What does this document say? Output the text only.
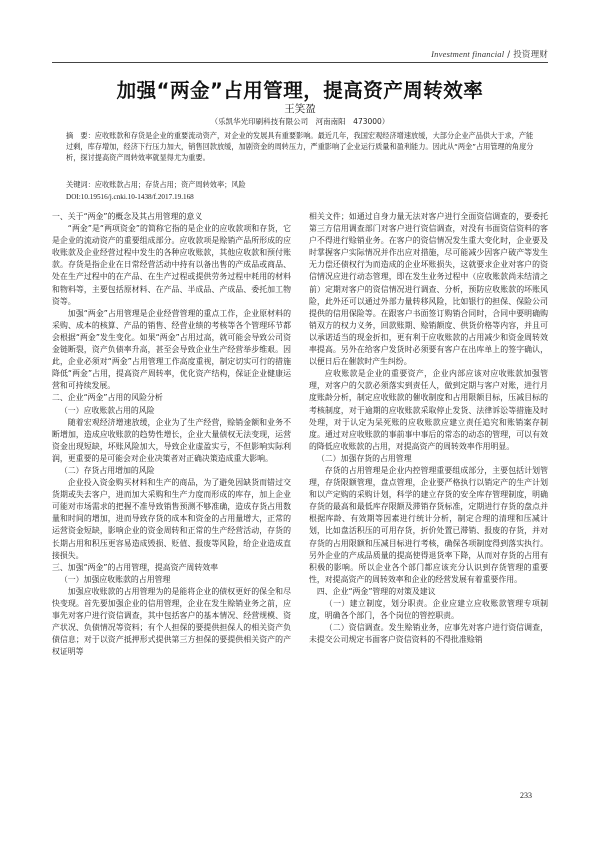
Investment financial / 投资理财
加强“两金”占用管理，提高资产周转效率
王笑盈
（乐凯华光印刷科技有限公司　河南南阳　473000）

摘　要：应收账款和存货是企业的重要流动资产，对企业的发展具有重要影响。最近几年，我国宏观经济增速放缓，大部分企业产品供大于求，产能过剩，库存增加，经济下行压力加大，销售回款放缓，加剧资金的周转压力，严重影响了企业运行质量和盈利能力。因此从“两金”占用管理的角度分析，探讨提高资产周转效率就显得尤为重要。

关键词：应收账款占用；存货占用；资产周转效率；风险
DOI:10.19516/j.cnki.10-1438/f.2017.19.168

一、关于“两金”的概念及其占用管理的意义

“两金”是“两项资金”的简称它指的是企业的应收款项和存货，它是企业的流动资产的重要组成部分。应收款项是赊销产品所形成的应收账款及企业经营过程中发生的各种应收账款，其他应收款和预付账款。存货是指企业在日常经营活动中持有以备出售的产成品或商品、处在生产过程中的在产品、在生产过程或提供劳务过程中耗用的材料和物料等，主要包括原材料、在产品、半成品、产成品、委托加工物资等。

加强“两金”占用管理是企业经营管理的重点工作，企业原材料的采购、成本的核算、产品的销售、经营业绩的考核等各个管理环节都会根据“两金”发生变化。如果“两金”占用过高，就可能会导致公司资金链断裂，资产负债率升高，甚至会导致企业生产经营举步维艰。因此，企业必须对“两金”占用管理工作高度重视，制定切实可行的措施降低“两金”占用，提高资产周转率，优化资产结构，保证企业健康运营和可持续发展。

二、企业“两金”占用的风险分析

（一）应收账款占用的风险

随着宏观经济增速放缓，企业为了生产经营，赊销金额和业务不断增加，造成应收账款的趋势性增长，企业大量债权无法变现，运营资金出现短缺，坏账风险加大，导致企业虚盈实亏，不但影响实际利润，更重要的是可能会对企业决策者对正确决策造成重大影响。

（二）存货占用增加的风险

企业投入资金购买材料和生产的商品，为了避免因缺货而错过交货期或失去客户，进而加大采购和生产力度而形成的库存，加上企业可能对市场需求的把握不准导致销售预测不够准确，造成存货占用数量和时间的增加，进而导致存货的成本和资金的占用量增大，正常的运营资金短缺，影响企业的资金周转和正常的生产经营活动，存货的长期占用和积压更容易造成毁损、贬值、报废等风险，给企业造成直接损失。

三、加强“两金”的占用管理，提高资产周转效率

（一）加强应收账款的占用管理

加强应收账款的占用管理为的是能将企业的债权更好的保全和尽快变现。首先要加强企业的信用管理，企业在发生赊销业务之前，应事先对客户进行资信调查，其中包括客户的基本情况、经营规模、资产状况、负债情况等资料；有个人担保的要提供担保人的相关资产负债信息；对于以资产抵押形式提供第三方担保的要提供相关资产的产权证明等

相关文件；如通过自身力量无法对客户进行全面资信调查的，要委托第三方信用调查部门对客户进行资信调查，对没有书面资信资料的客户不得进行赊销业务。在客户的资信情况发生重大变化时，企业要及时掌握客户实际情况并作出应对措施，尽可能减少因客户破产等发生无力偿还债权行为而造成的企业坏账损失，这就要求企业对客户的资信情况应进行动态管理，即在发生业务过程中（应收账款尚未结清之前）定期对客户的资信情况进行调查、分析，预防应收账款的坏账风险，此外还可以通过外部力量转移风险，比如银行的担保、保险公司提供的信用保险等。在跟客户书面签订购销合同时，合同中要明确购销双方的权力义务，回款账期、赊销额度、供货价格等内容，并且可以承诺适当的现金折扣，更有利于应收账款的占用减少和资金周转效率提高。另外在给客户发货时必须要有客户在出库单上的签字确认，以便日后在催款时产生纠纷。

应收账款是企业的重要资产，企业内部应该对应收账款加强管理，对客户的欠款必须落实到责任人，做到定期与客户对账，进行月度账龄分析，制定应收账款的催收制度和占用限额目标，压减目标的考核制度，对于逾期的应收账款采取停止发货、法律诉讼等措施及时处理，对于认定为呆死账的应收账款应建立责任追究和账销案存制度。通过对应收账款的事前事中事后的常态的动态的管理，可以有效的降低应收账款的占用，对提高资产的周转效率作用明显。

（二）加强存货的占用管理

存货的占用管理是企业内控管理重要组成部分，主要包括计划管理，存货限额管理，盘点管理，企业要严格执行以销定产的生产计划和以产定购的采购计划，科学的建立存货的安全库存管理制度，明确存货的最高和最低库存限额及滞销存货标准，定期进行存货的盘点并根据库龄、有效期等因素进行统计分析，制定合理的清理和压减计划，比如盘活积压的可用存货，折价处置已滞销、报废的存货，并对存货的占用限额和压减目标进行考核，确保各项制度得到落实执行。另外企业的产成品质量的提高使得退货率下降，从而对存货的占用有积极的影响。所以企业各个部门都应该充分认识到存货管理的重要性，对提高资产的周转效率和企业的经营发展有着重要作用。

四、企业“两金”管理的对策及建议

（一）建立制度，划分职责。企业应建立应收账款管理专项制度，明确各个部门，各个岗位的管控职责。

（二）资信调查。发生赊销业务，应事先对客户进行资信调查，未提交公司规定书面客户资信资料的不得批准赊销

233
